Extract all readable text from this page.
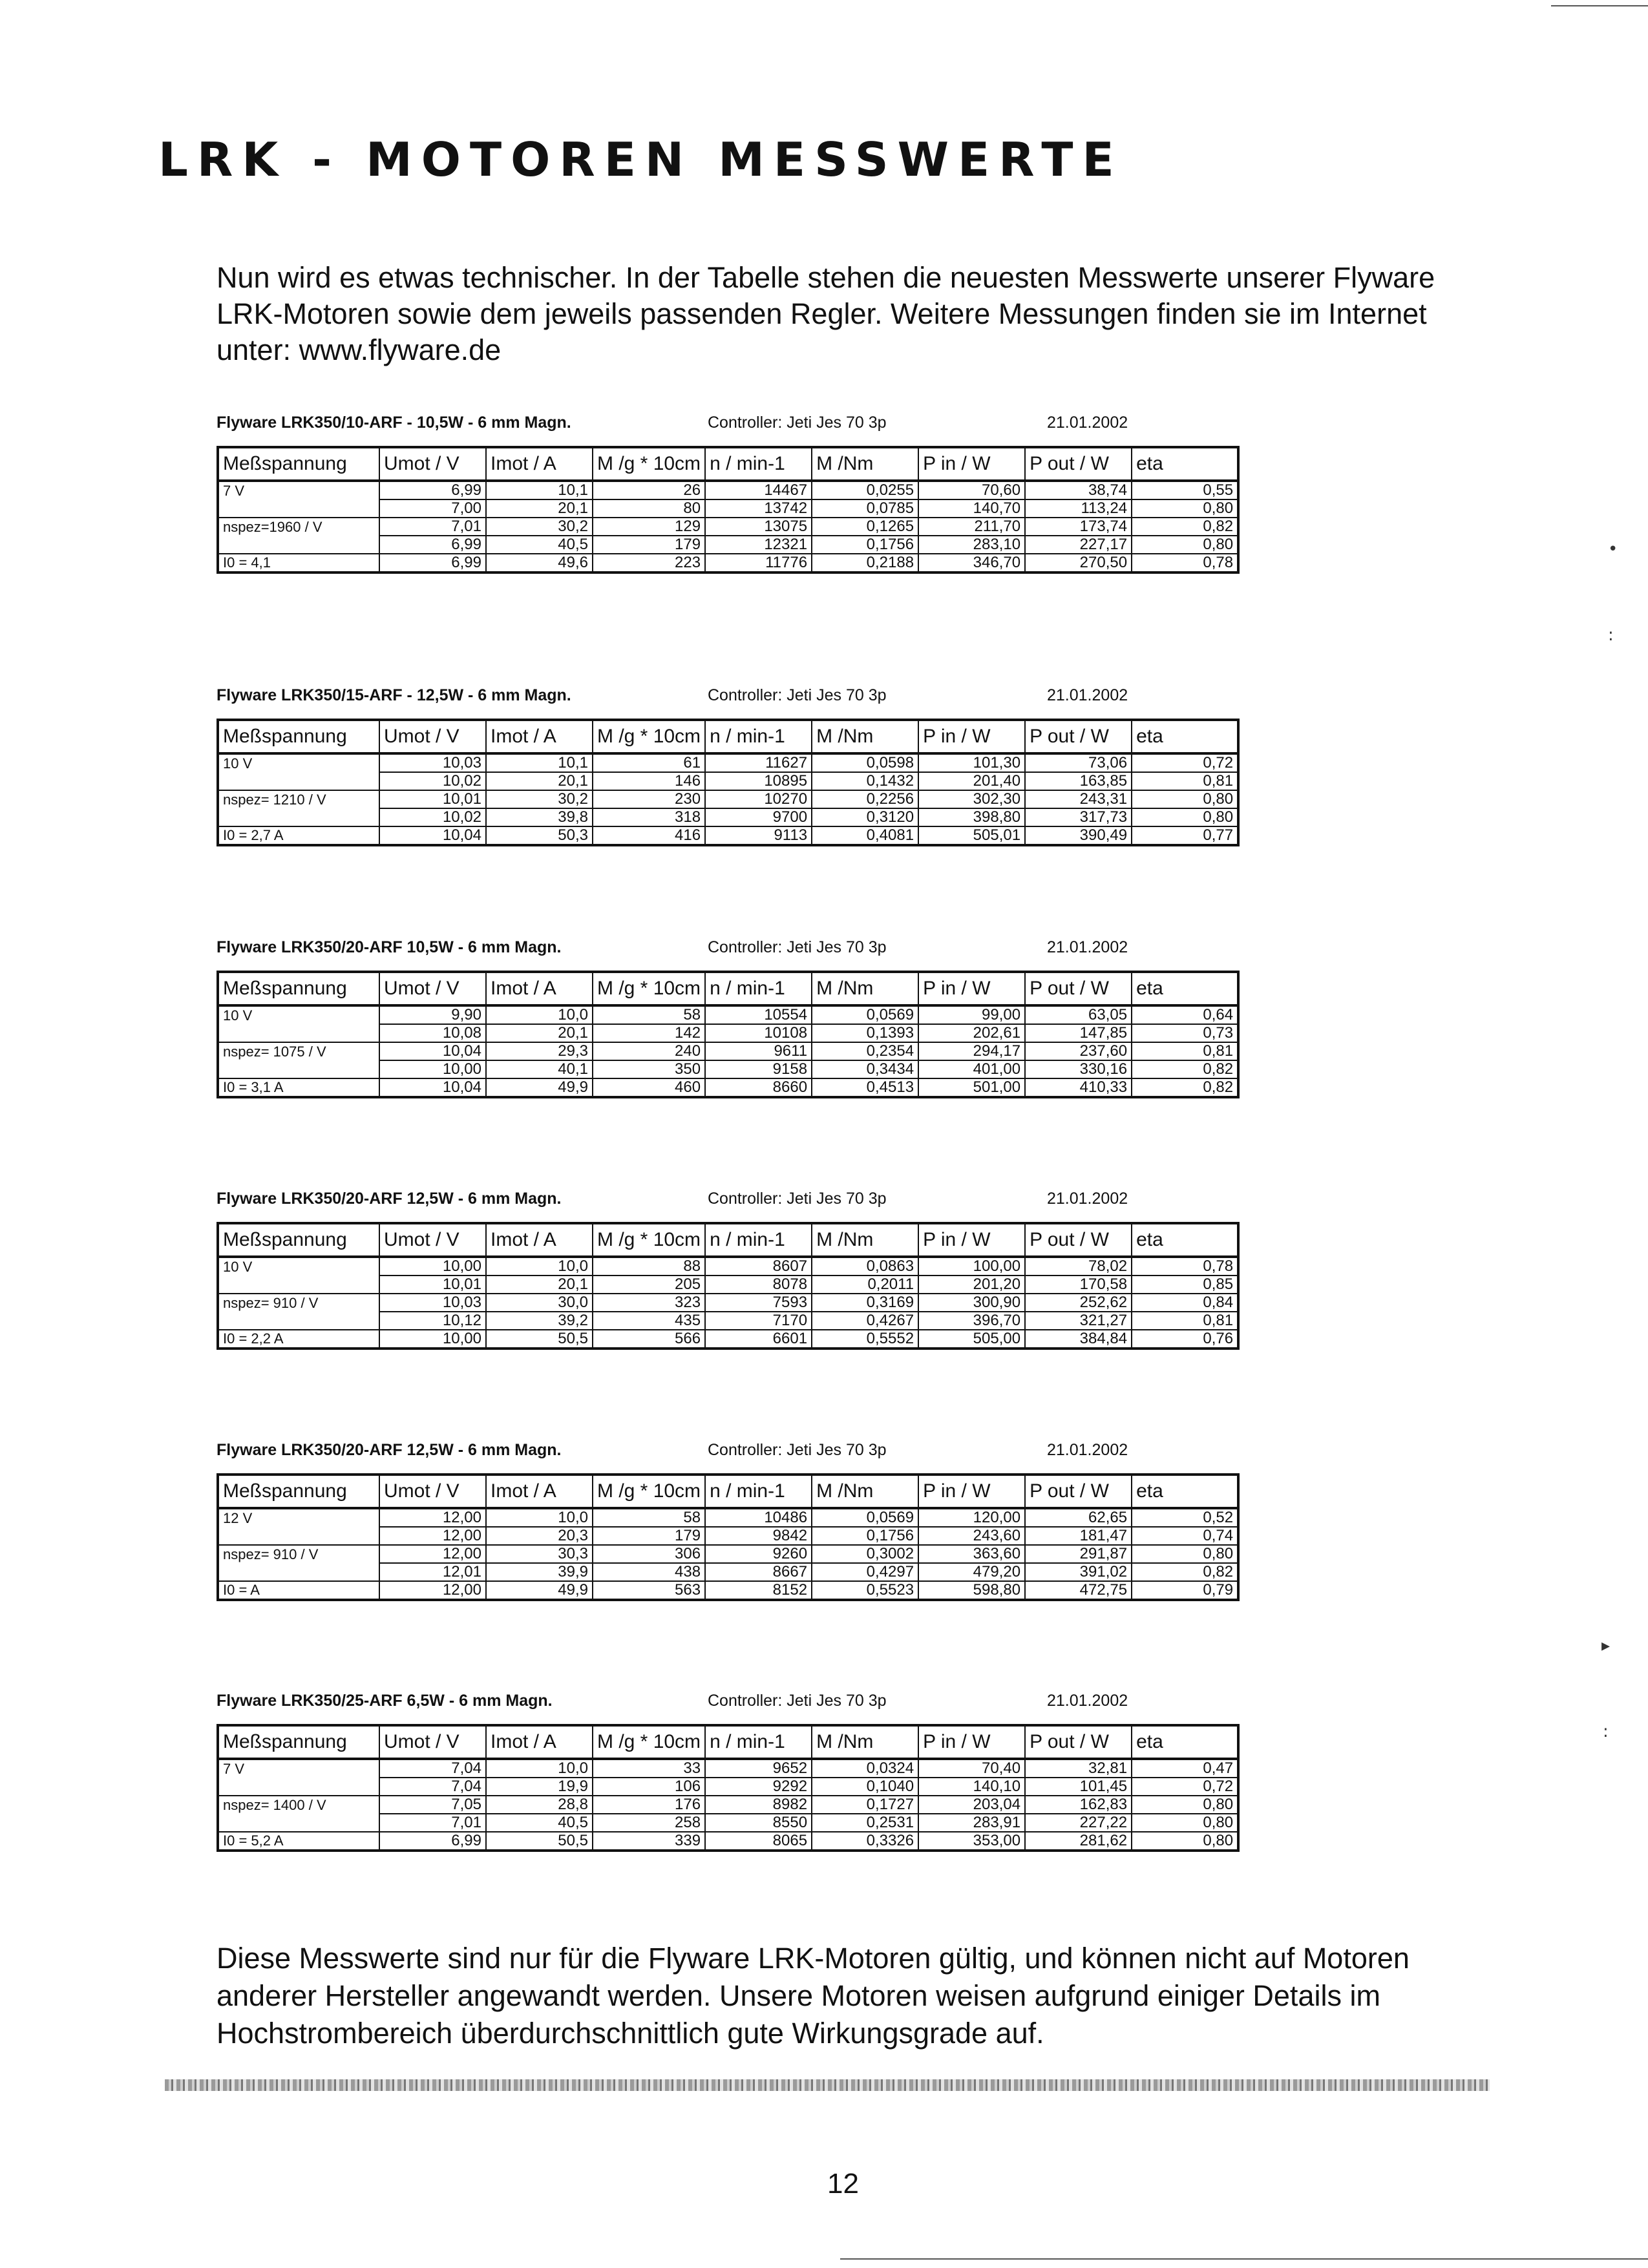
•
:
▸
:
LRK - MOTOREN MESSWERTE
Nun wird es etwas technischer. In der Tabelle stehen die neuesten Messwerte unserer Flyware LRK-Motoren sowie dem jeweils passenden Regler. Weitere Messungen finden sie im Internet unter: www.flyware.de
Flyware LRK350/10-ARF - 10,5W - 6 mm Magn.	Controller: Jeti Jes 70 3p	21.01.2002
Meßspannung	Umot / V	Imot / A	M /g * 10cm	n / min-1	M /Nm	P in / W	P out / W	eta
7 V	6,99	10,1	26	14467	0,0255	70,60	38,74	0,55
	7,00	20,1	80	13742	0,0785	140,70	113,24	0,80
nspez=1960 / V	7,01	30,2	129	13075	0,1265	211,70	173,74	0,82
	6,99	40,5	179	12321	0,1756	283,10	227,17	0,80
I0 = 4,1	6,99	49,6	223	11776	0,2188	346,70	270,50	0,78
Flyware LRK350/15-ARF - 12,5W - 6 mm Magn.	Controller: Jeti Jes 70 3p	21.01.2002
Meßspannung	Umot / V	Imot / A	M /g * 10cm	n / min-1	M /Nm	P in / W	P out / W	eta
10 V	10,03	10,1	61	11627	0,0598	101,30	73,06	0,72
	10,02	20,1	146	10895	0,1432	201,40	163,85	0,81
nspez= 1210 / V	10,01	30,2	230	10270	0,2256	302,30	243,31	0,80
	10,02	39,8	318	9700	0,3120	398,80	317,73	0,80
I0 = 2,7 A	10,04	50,3	416	9113	0,4081	505,01	390,49	0,77
Flyware LRK350/20-ARF 10,5W - 6 mm Magn.	Controller: Jeti Jes 70 3p	21.01.2002
Meßspannung	Umot / V	Imot / A	M /g * 10cm	n / min-1	M /Nm	P in / W	P out / W	eta
10 V	9,90	10,0	58	10554	0,0569	99,00	63,05	0,64
	10,08	20,1	142	10108	0,1393	202,61	147,85	0,73
nspez= 1075 / V	10,04	29,3	240	9611	0,2354	294,17	237,60	0,81
	10,00	40,1	350	9158	0,3434	401,00	330,16	0,82
I0 = 3,1 A	10,04	49,9	460	8660	0,4513	501,00	410,33	0,82
Flyware LRK350/20-ARF 12,5W - 6 mm Magn.	Controller: Jeti Jes 70 3p	21.01.2002
Meßspannung	Umot / V	Imot / A	M /g * 10cm	n / min-1	M /Nm	P in / W	P out / W	eta
10 V	10,00	10,0	88	8607	0,0863	100,00	78,02	0,78
	10,01	20,1	205	8078	0,2011	201,20	170,58	0,85
nspez= 910 / V	10,03	30,0	323	7593	0,3169	300,90	252,62	0,84
	10,12	39,2	435	7170	0,4267	396,70	321,27	0,81
I0 = 2,2 A	10,00	50,5	566	6601	0,5552	505,00	384,84	0,76
Flyware LRK350/20-ARF 12,5W - 6 mm Magn.	Controller: Jeti Jes 70 3p	21.01.2002
Meßspannung	Umot / V	Imot / A	M /g * 10cm	n / min-1	M /Nm	P in / W	P out / W	eta
12 V	12,00	10,0	58	10486	0,0569	120,00	62,65	0,52
	12,00	20,3	179	9842	0,1756	243,60	181,47	0,74
nspez= 910 / V	12,00	30,3	306	9260	0,3002	363,60	291,87	0,80
	12,01	39,9	438	8667	0,4297	479,20	391,02	0,82
I0 = A	12,00	49,9	563	8152	0,5523	598,80	472,75	0,79
Flyware LRK350/25-ARF 6,5W - 6 mm Magn.	Controller: Jeti Jes 70 3p	21.01.2002
Meßspannung	Umot / V	Imot / A	M /g * 10cm	n / min-1	M /Nm	P in / W	P out / W	eta
7 V	7,04	10,0	33	9652	0,0324	70,40	32,81	0,47
	7,04	19,9	106	9292	0,1040	140,10	101,45	0,72
nspez= 1400 / V	7,05	28,8	176	8982	0,1727	203,04	162,83	0,80
	7,01	40,5	258	8550	0,2531	283,91	227,22	0,80
I0 = 5,2 A	6,99	50,5	339	8065	0,3326	353,00	281,62	0,80
Diese Messwerte sind nur für die Flyware LRK-Motoren gültig, und können nicht auf Motoren anderer Hersteller angewandt werden. Unsere Motoren weisen aufgrund einiger Details im Hochstrombereich überdurchschnittlich gute Wirkungsgrade auf.
12
